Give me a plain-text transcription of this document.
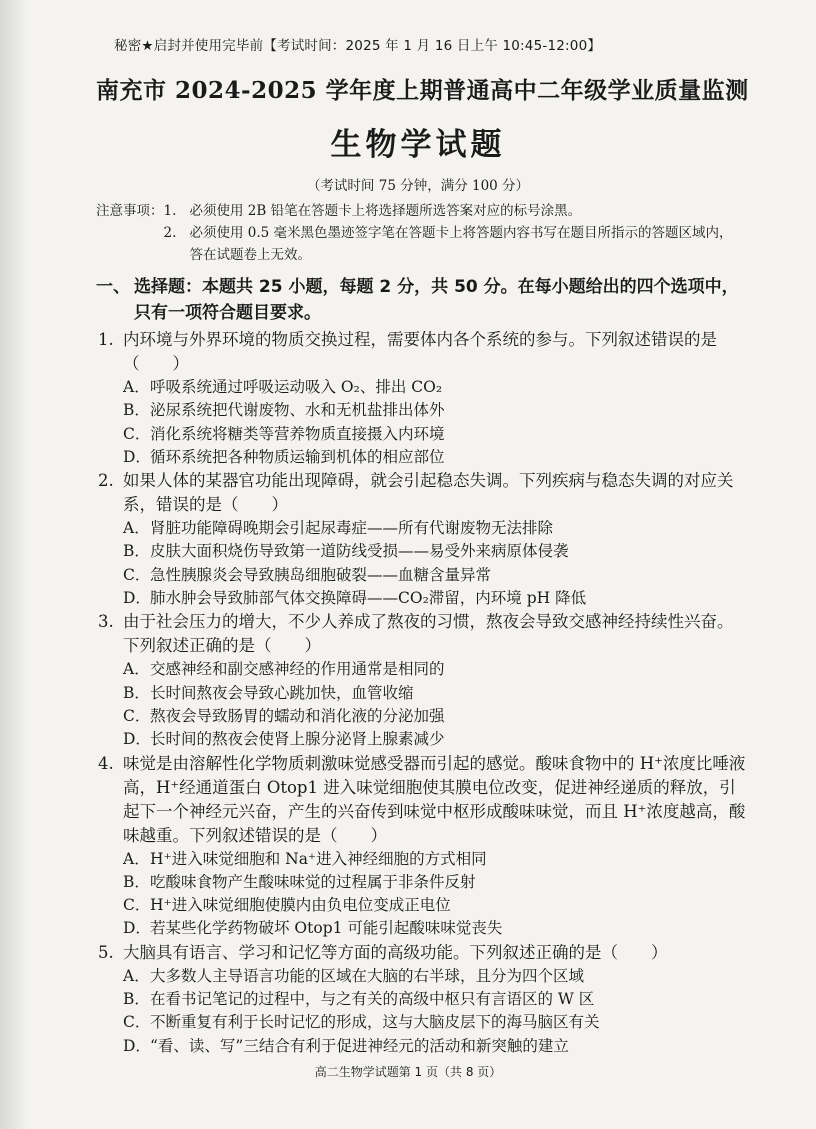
秘密★启封并使用完毕前【考试时间：2025 年 1 月 16 日上午 10:45-12:00】
南充市 2024-2025 学年度上期普通高中二年级学业质量监测
生物学试题
（考试时间 75 分钟，满分 100 分）
注意事项： 1. 必须使用 2B 铅笔在答题卡上将选择题所选答案对应的标号涂黑。
2. 必须使用 0.5 毫米黑色墨迹签字笔在答题卡上将答题内容书写在题目所指示的答题区域内，答在试题卷上无效。
一、 选择题：本题共 25 小题，每题 2 分，共 50 分。在每小题给出的四个选项中，只有一项符合题目要求。
1. 内环境与外界环境的物质交换过程，需要体内各个系统的参与。下列叙述错误的是（　　）
A． 呼吸系统通过呼吸运动吸入 O₂、排出 CO₂
B． 泌尿系统把代谢废物、水和无机盐排出体外
C． 消化系统将糖类等营养物质直接摄入内环境
D． 循环系统把各种物质运输到机体的相应部位
2. 如果人体的某器官功能出现障碍，就会引起稳态失调。下列疾病与稳态失调的对应关系，错误的是（　　）
A． 肾脏功能障碍晚期会引起尿毒症——所有代谢废物无法排除
B． 皮肤大面积烧伤导致第一道防线受损——易受外来病原体侵袭
C． 急性胰腺炎会导致胰岛细胞破裂——血糖含量异常
D． 肺水肿会导致肺部气体交换障碍——CO₂滞留，内环境 pH 降低
3. 由于社会压力的增大，不少人养成了熬夜的习惯，熬夜会导致交感神经持续性兴奋。下列叙述正确的是（　　）
A． 交感神经和副交感神经的作用通常是相同的
B． 长时间熬夜会导致心跳加快，血管收缩
C． 熬夜会导致肠胃的蠕动和消化液的分泌加强
D． 长时间的熬夜会使肾上腺分泌肾上腺素减少
4. 味觉是由溶解性化学物质刺激味觉感受器而引起的感觉。酸味食物中的 H⁺浓度比唾液高，H⁺经通道蛋白 Otop1 进入味觉细胞使其膜电位改变，促进神经递质的释放，引起下一个神经元兴奋，产生的兴奋传到味觉中枢形成酸味味觉，而且 H⁺浓度越高，酸味越重。下列叙述错误的是（　　）
A． H⁺进入味觉细胞和 Na⁺进入神经细胞的方式相同
B． 吃酸味食物产生酸味味觉的过程属于非条件反射
C． H⁺进入味觉细胞使膜内由负电位变成正电位
D． 若某些化学药物破坏 Otop1 可能引起酸味味觉丧失
5. 大脑具有语言、学习和记忆等方面的高级功能。下列叙述正确的是（　　）
A． 大多数人主导语言功能的区域在大脑的右半球，且分为四个区域
B． 在看书记笔记的过程中，与之有关的高级中枢只有言语区的 W 区
C． 不断重复有利于长时记忆的形成，这与大脑皮层下的海马脑区有关
D． “看、读、写”三结合有利于促进神经元的活动和新突触的建立
高二生物学试题第 1 页（共 8 页）
